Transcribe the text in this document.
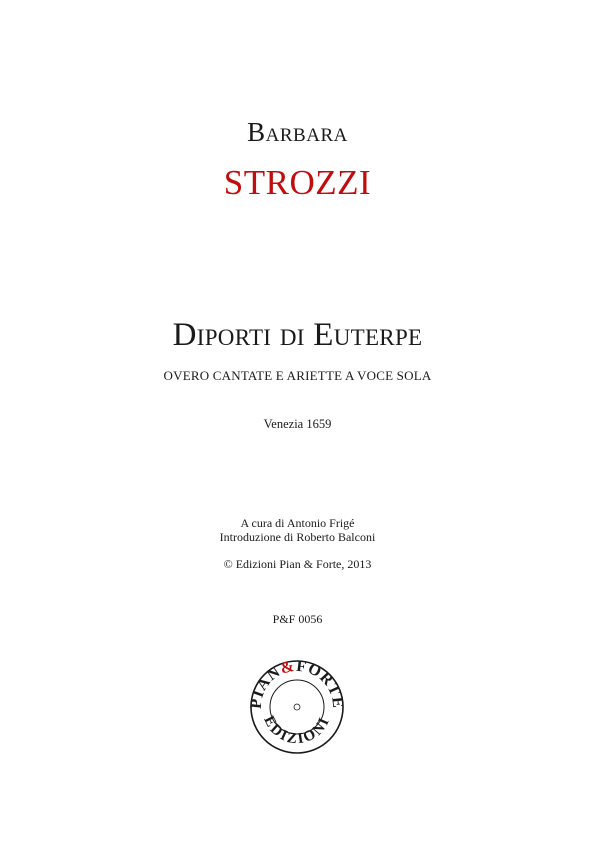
Barbara
STROZZI
Diporti di Euterpe
OVERO CANTATE E ARIETTE A VOCE SOLA
Venezia 1659
A cura di Antonio Frigé
Introduzione di Roberto Balconi
© Edizioni Pian & Forte, 2013
P&F 0056
PIAN&FORTE
EDIZIONI
